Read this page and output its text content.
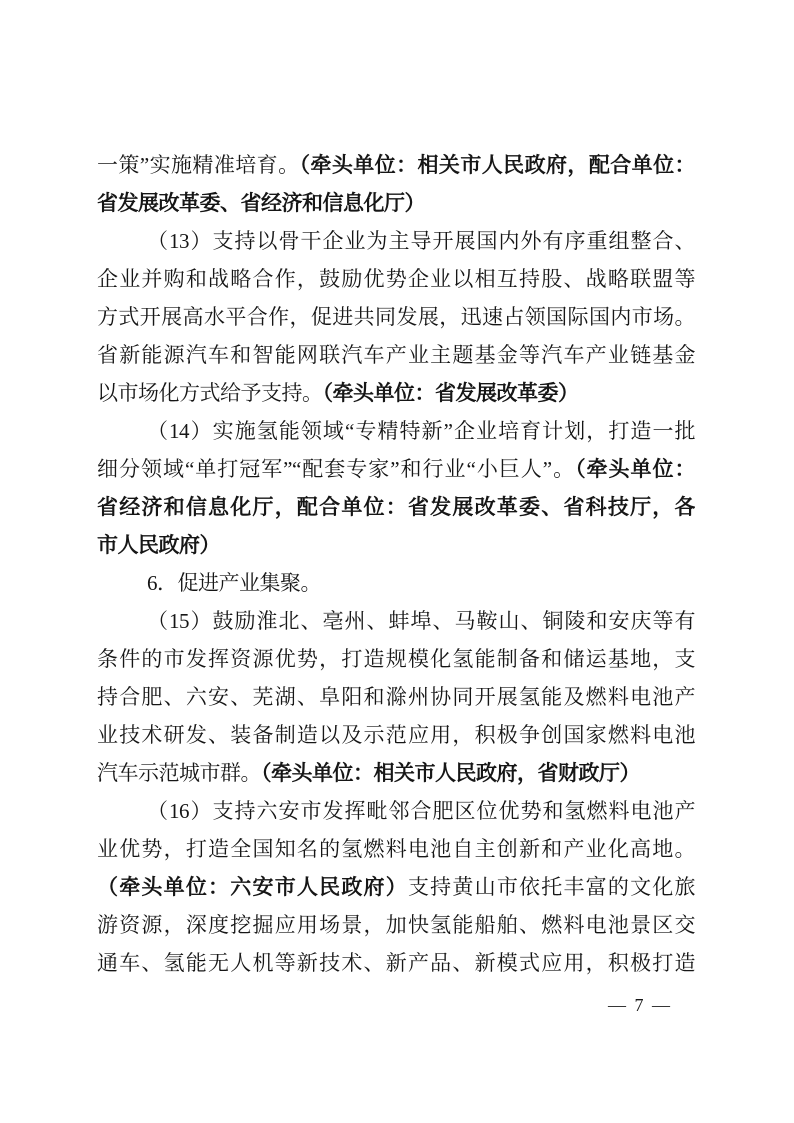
一策”实施精准培育。（牵头单位：相关市人民政府，配合单位：
省发展改革委、省经济和信息化厅）
（13）支持以骨干企业为主导开展国内外有序重组整合、
企业并购和战略合作，鼓励优势企业以相互持股、战略联盟等
方式开展高水平合作，促进共同发展，迅速占领国际国内市场。
省新能源汽车和智能网联汽车产业主题基金等汽车产业链基金
以市场化方式给予支持。（牵头单位：省发展改革委）
（14）实施氢能领域“专精特新”企业培育计划，打造一批
细分领域“单打冠军”“配套专家”和行业“小巨人”。（牵头单位：
省经济和信息化厅，配合单位：省发展改革委、省科技厅，各
市人民政府）
6．促进产业集聚。
（15）鼓励淮北、亳州、蚌埠、马鞍山、铜陵和安庆等有
条件的市发挥资源优势，打造规模化氢能制备和储运基地，支
持合肥、六安、芜湖、阜阳和滁州协同开展氢能及燃料电池产
业技术研发、装备制造以及示范应用，积极争创国家燃料电池
汽车示范城市群。（牵头单位：相关市人民政府，省财政厅）
（16）支持六安市发挥毗邻合肥区位优势和氢燃料电池产
业优势，打造全国知名的氢燃料电池自主创新和产业化高地。
（牵头单位：六安市人民政府）支持黄山市依托丰富的文化旅
游资源，深度挖掘应用场景，加快氢能船舶、燃料电池景区交
通车、氢能无人机等新技术、新产品、新模式应用，积极打造
— 7 —
